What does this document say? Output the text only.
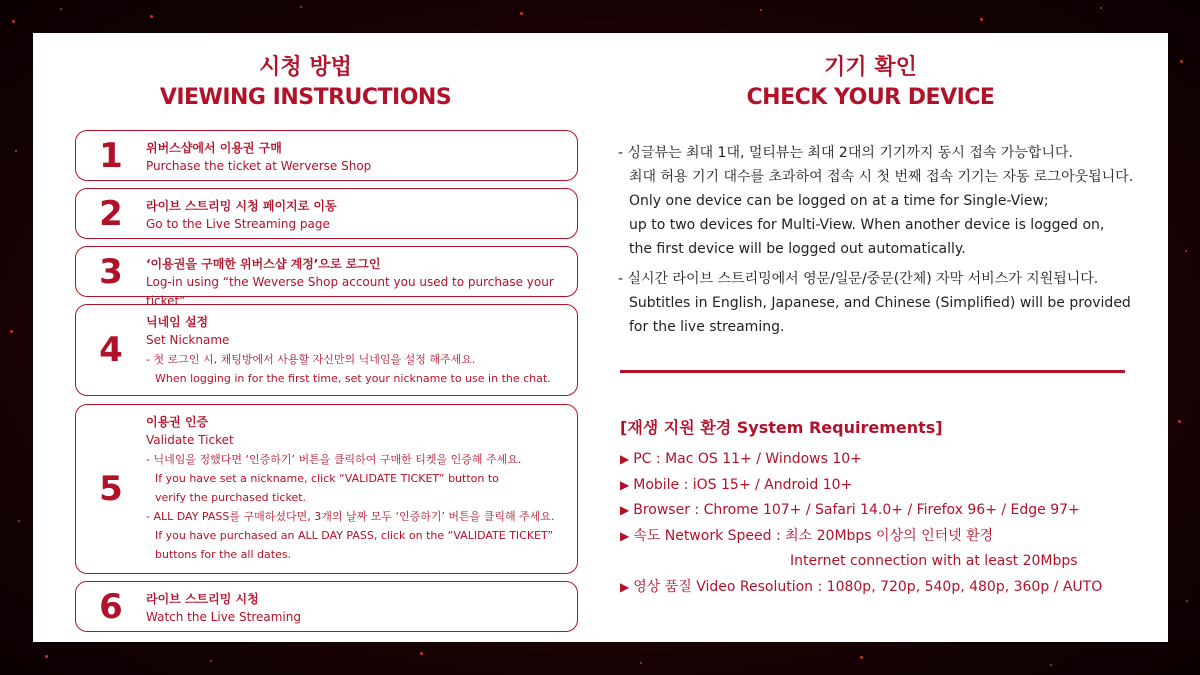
시청 방법
VIEWING INSTRUCTIONS
1	위버스샵에서 이용권 구매
Purchase the ticket at Werverse Shop
2	라이브 스트리밍 시청 페이지로 이동
Go to the Live Streaming page
3	‘이용권을 구매한 위버스샵 계정’으로 로그인
Log-in using “the Weverse Shop account you used to purchase your ticket”
4
닉네임 설정
Set Nickname
- 첫 로그인 시, 채팅방에서 사용할 자신만의 닉네임을 설정 해주세요.
When logging in for the first time, set your nickname to use in the chat.
5
이용권 인증
Validate Ticket
- 닉네임을 정했다면 ‘인증하기’ 버튼을 클릭하여 구매한 티켓을 인증해 주세요.
If you have set a nickname, click “VALIDATE TICKET” button to
verify the purchased ticket.
- ALL DAY PASS를 구매하셨다면, 3개의 날짜 모두 ‘인증하기’ 버튼을 클릭해 주세요.
If you have purchased an ALL DAY PASS, click on the “VALIDATE TICKET”
buttons for the all dates.
6	라이브 스트리밍 시청
Watch the Live Streaming
기기 확인
CHECK YOUR DEVICE
- 싱글뷰는 최대 1대, 멀티뷰는 최대 2대의 기기까지 동시 접속 가능합니다.
최대 허용 기기 대수를 초과하여 접속 시 첫 번째 접속 기기는 자동 로그아웃됩니다.
Only one device can be logged on at a time for Single-View;
up to two devices for Multi-View. When another device is logged on,
the first device will be logged out automatically.
- 실시간 라이브 스트리밍에서 영문/일문/중문(간체) 자막 서비스가 지원됩니다.
Subtitles in English, Japanese, and Chinese (Simplified) will be provided
for the live streaming.
[재생 지원 환경 System Requirements]
▶ PC : Mac OS 11+ / Windows 10+
▶ Mobile : iOS 15+ / Android 10+
▶ Browser : Chrome 107+ / Safari 14.0+ / Firefox 96+ / Edge 97+
▶ 속도 Network Speed : 최소 20Mbps 이상의 인터넷 환경
Internet connection with at least 20Mbps
▶ 영상 품질 Video Resolution : 1080p, 720p, 540p, 480p, 360p / AUTO
